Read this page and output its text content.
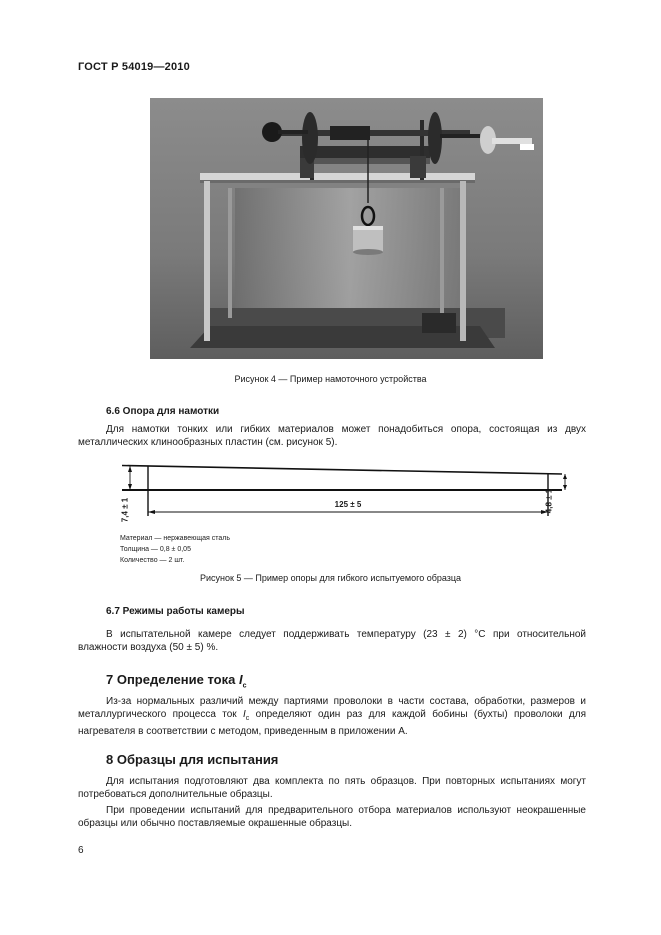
ГОСТ Р 54019—2010
Рисунок 4 — Пример намоточного устройства
6.6 Опора для намотки
Для намотки тонких или гибких материалов может понадобиться опора, состоящая из двух металлических клинообразных пластин (см. рисунок 5).
7,4 ± 1	4,8 ± 1
125 ± 5
Материал — нержавеющая сталь
Толщина — 0,8 ± 0,05
Количество — 2 шт.
Рисунок 5 — Пример опоры для гибкого испытуемого образца
6.7 Режимы работы камеры
В испытательной камере следует поддерживать температуру (23 ± 2) °С при относительной влажности воздуха (50 ± 5) %.
7 Определение тока $I_c$
Из-за нормальных различий между партиями проволоки в части состава, обработки, размеров и металлургического процесса ток $I_c$ определяют один раз для каждой бобины (бухты) проволоки для нагревателя в соответствии с методом, приведенным в приложении А.
8 Образцы для испытания
Для испытания подготовляют два комплекта по пять образцов. При повторных испытаниях могут потребоваться дополнительные образцы.
При проведении испытаний для предварительного отбора материалов используют неокрашенные образцы или обычно поставляемые окрашенные образцы.
6
